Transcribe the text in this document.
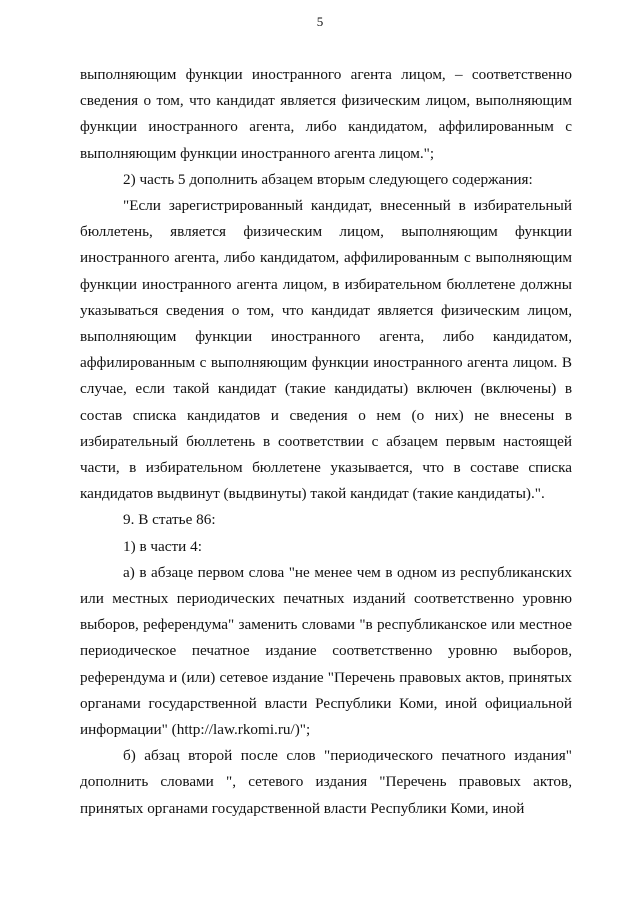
5

выполняющим функции иностранного агента лицом, – соответственно сведения о том, что кандидат является физическим лицом, выполняющим функции иностранного агента, либо кандидатом, аффилированным с выполняющим функции иностранного агента лицом.";

2) часть 5 дополнить абзацем вторым следующего содержания:

"Если зарегистрированный кандидат, внесенный в избирательный бюллетень, является физическим лицом, выполняющим функции иностранного агента, либо кандидатом, аффилированным с выполняющим функции иностранного агента лицом, в избирательном бюллетене должны указываться сведения о том, что кандидат является физическим лицом, выполняющим функции иностранного агента, либо кандидатом, аффилированным с выполняющим функции иностранного агента лицом. В случае, если такой кандидат (такие кандидаты) включен (включены) в состав списка кандидатов и сведения о нем (о них) не внесены в избирательный бюллетень в соответствии с абзацем первым настоящей части, в избирательном бюллетене указывается, что в составе списка кандидатов выдвинут (выдвинуты) такой кандидат (такие кандидаты).".

9. В статье 86:

1) в части 4:

а) в абзаце первом слова "не менее чем в одном из республиканских или местных периодических печатных изданий соответственно уровню выборов, референдума" заменить словами "в республиканское или местное периодическое печатное издание соответственно уровню выборов, референдума и (или) сетевое издание "Перечень правовых актов, принятых органами государственной власти Республики Коми, иной официальной информации" (http://law.rkomi.ru/)";

б) абзац второй после слов "периодического печатного издания" дополнить словами ", сетевого издания "Перечень правовых актов, принятых органами государственной власти Республики Коми, иной
